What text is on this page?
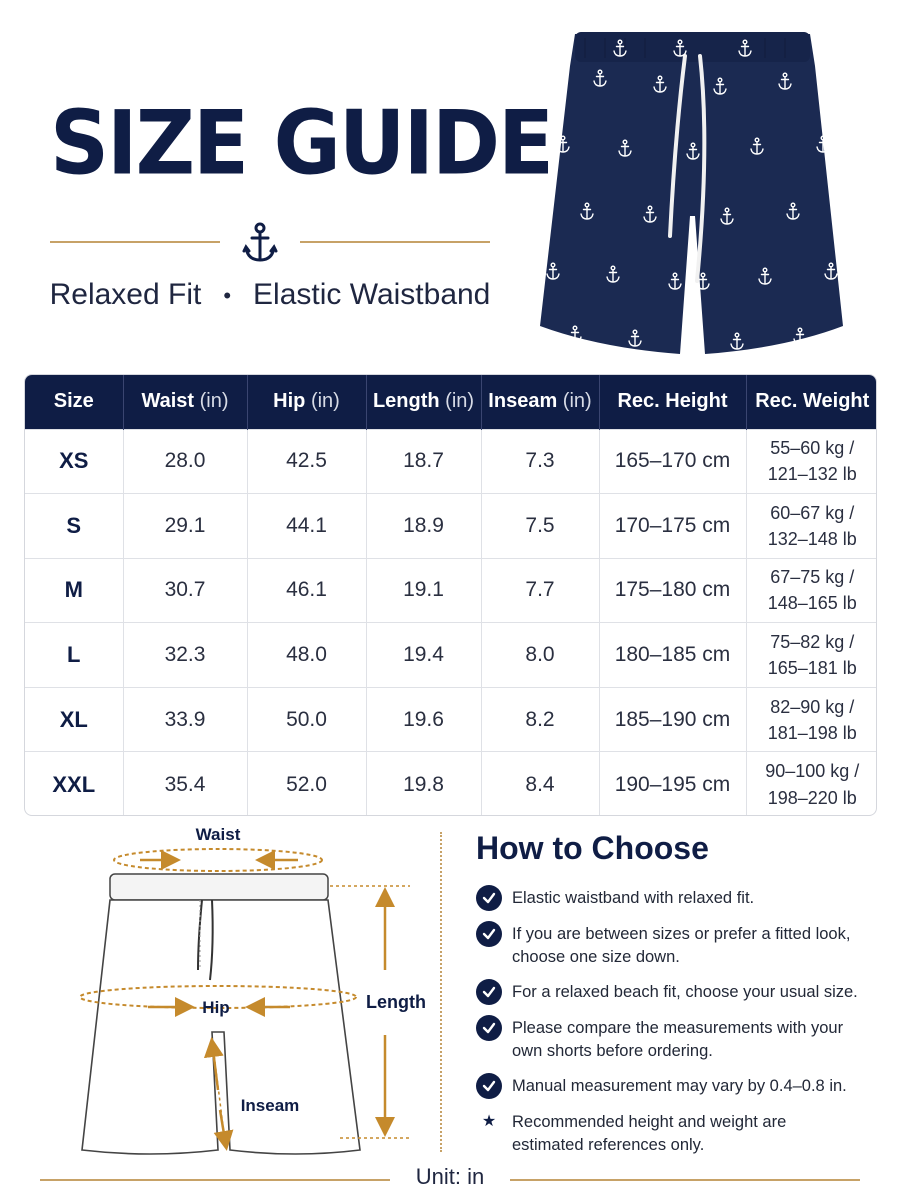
SIZE GUIDE
Relaxed Fit • Elastic Waistband
Size	Waist (in)	Hip (in)	Length (in)	Inseam (in)	Rec. Height	Rec. Weight
XS	28.0	42.5	18.7	7.3	165–170 cm	55–60 kg /
121–132 lb

S	29.1	44.1	18.9	7.5	170–175 cm	60–67 kg /
132–148 lb

M	30.7	46.1	19.1	7.7	175–180 cm	67–75 kg /
148–165 lb

L	32.3	48.0	19.4	8.0	180–185 cm	75–82 kg /
165–181 lb

XL	33.9	50.0	19.6	8.2	185–190 cm	82–90 kg /
181–198 lb

XXL	35.4	52.0	19.8	8.4	190–195 cm	90–100 kg /
198–220 lb
Waist
Length
Hip
Inseam
How to Choose
Elastic waistband with relaxed fit.
If you are between sizes or prefer a fitted look, choose one size down.
For a relaxed beach fit, choose your usual size.
Please compare the measurements with your own shorts before ordering.
Manual measurement may vary by 0.4–0.8 in.
★ Recommended height and weight are estimated references only.
Unit: in
